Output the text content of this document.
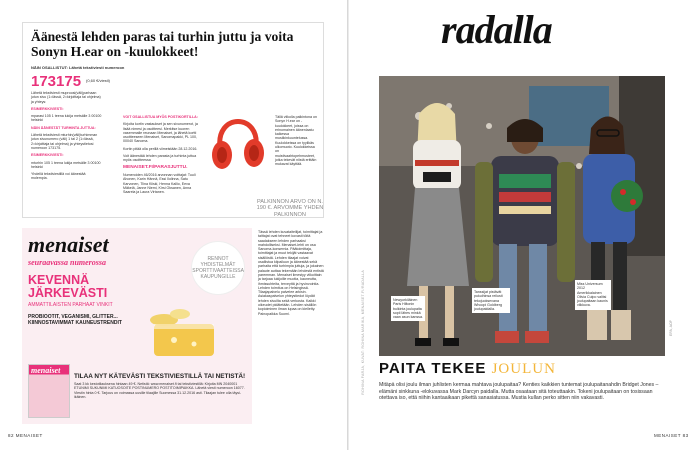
Äänestä lehden paras tai turhin juttu ja voita Sonyn H.ear on -kuulokkeet!
NÄIN OSALLISTUT: Lähetä tekstiviesti numeroon
173175 (0,60 €/viesti)

Lähetä tekstiviesti muproosi(väli)parhaan jutun sivu (1=lässä, 2=kirjoittaja tai ohjelma) ja yhteys:

ESIMERKKIVIESTI:

mparasi 105 1 teena lukija metsälle 3 00100 helsinki

NÄIN ÄÄNESTÄT TURHINTA JUTTUA:

Lähetä tekstiviesti mturhin(väli)turhimman jutun sivunumero (väli) 1 tai 2 (1=lässä, 2=kirjoittaja tai ohjelma) ja yhteystietosi numeroon 173175.

ESIMERKKIVIESTI:

mturhin 105 1 teena lukija metsälle 3 00100 helsinki

Yhdellä tekstiviestillä voi äänestää molempia.

VOIT OSALLISTUA MYÖS POSTIKORTILLA:

Kirjoita kortin vastaukset ja sen sivunumerot, ja lisää nimesi ja osoitteesi. Merkitse kuoren vasemmalle reunaan Menaiset, ja lähetä kortti osoitteeseen Menaiset, Sanomapakki, PL 100, 00040 Sanoma.

Kortin pitää olla perillä viimeistään 28.12.2016.

Voit äänestää lehden parasta ja turhinta juttua myös osoitteessa

MENAISET.FI/PARASJUTTU.

Numeroiden 46/2016 arvonnan voittajat: Tuuli Ahonen, Karin Hännä, Essi Ilolinna, Satu Karvonen, Tiina Kiiski, Henna Kallio, Eeva Mäkelä, Janne Niemi, Kirsi Oksanen, Anna Saarela ja Laura Virtanen.

Tällä viikolla palkintona on Sonyn H.ear on -kuulokkeet, joissa on erinomainen äänenlaatu kaikessa musiikinkuuntelussa. Kuulokkeissa on tyylikäs ulkomuoto. Kuulokkeissa on muistivaahtopehmusteet, jotka tekevät niistä erittäin mukavat käyttää.
PALKINNON ARVO ON N. 190 €. ARVOMME YHDEN PALKINNON
menaiset
seuraavassa numerossa
KEVENNÄ JÄRKEVÄSTI
AMMATTILAISTEN PARHAAT VINKIT
PROBIOOTIT, VEGANISMI, GLITTER... KIINNOSTAVIMMAT KAUNEUSTRENDIT
RENNOT YHDISTELMÄT SPORTTIVAATTEISSA KAUPUNGILLE
menaiset
TILAA NYT KÄTEVÄSTI TEKSTIVIESTILLÄ TAI NETISTÄ!
Saat 3 kk kestotilauksena hintaan 49 €. Netistä: www.menaiset.fi tai tekstiviestillä: Kirjoita MN 2040001 ETUNIMI SUKUNIMI KATUOSOITE POSTINUMERO POSTITOIMIPAIKKA. Lähetä viesti numeroon 16077. Viestin hinta 0 €. Tarjous on voimassa uusille tilaajille Suomessa 31.12.2016 asti. Tilaajan tulee olla täysi-ikäinen.

Tässä lehden kuvataiteilijat, toimittajat ja taittajat ovat tehneet kovasti töitä saadakseen lehden parhaaksi mahdolliseksi. Menaiset-lehti on osa Sanoma-konsernia. Päätoimittaja, toimittajat ja muut tekijät vastaavat sisällöstä. Lehden tilaajat voivat osallistua kilpailuun ja äänestää sekä parhaita että turhimpia juttuja, ja jokainen palaute auttaa tekemään lehdestä entistä paremman. Menaiset ilmestyy viikoittain ja tarjoaa lukijoille muotia, kauneutta, ihmissuhteita, terveyttä ja hyvinvointia. Lehden toimitus on Helsingissä. Tilaajapalvelu palvelee arkisin. Asiakaspalvelun yhteystiedot löydät lehden sivuilta sekä verkosta. Kaikki oikeudet pidätetään. Lehden sisällön kopioiminen ilman lupaa on kielletty. Painopaikka Suomi.

82 MENAISET
radalla
ROHINA FARJA, KUVAT: ROHINA MARIKA, MENAISET.FI/RADALLA	Newyorkiläinen Paris Hiltonin bulkinta joulupaita sopii lähes minkä vaan asun kanssa.
Tanssijat pistävät pukuihinsa reilusti tekojuoksevana Whoopi Goldberg joulupaidalla.
Miss Universum 2012 Amerikkalainen Olivia Culpo valitsi joulupaitaan kaunis vilkkuva.
EPA, AOP
PAITA TEKEE JOULUN

Mitäpä olisi joulu ilman juhlisten kermaa mahtava joulupaitaa? Kenties kaikkien tuntemat joulupaitanahdin Bridget Jones – elämäni sinkkuna -elokuvassa Mark Darcyn paidalla. Mutta osaataan sitä toteuttaakin. Tokeni joulupaitaan on tosissaan otettava iso, että niihin kantaaikaan pikettä sanasiatussa. Mustia kullan perko sitten niin vakavasti.

MENAISET 83
